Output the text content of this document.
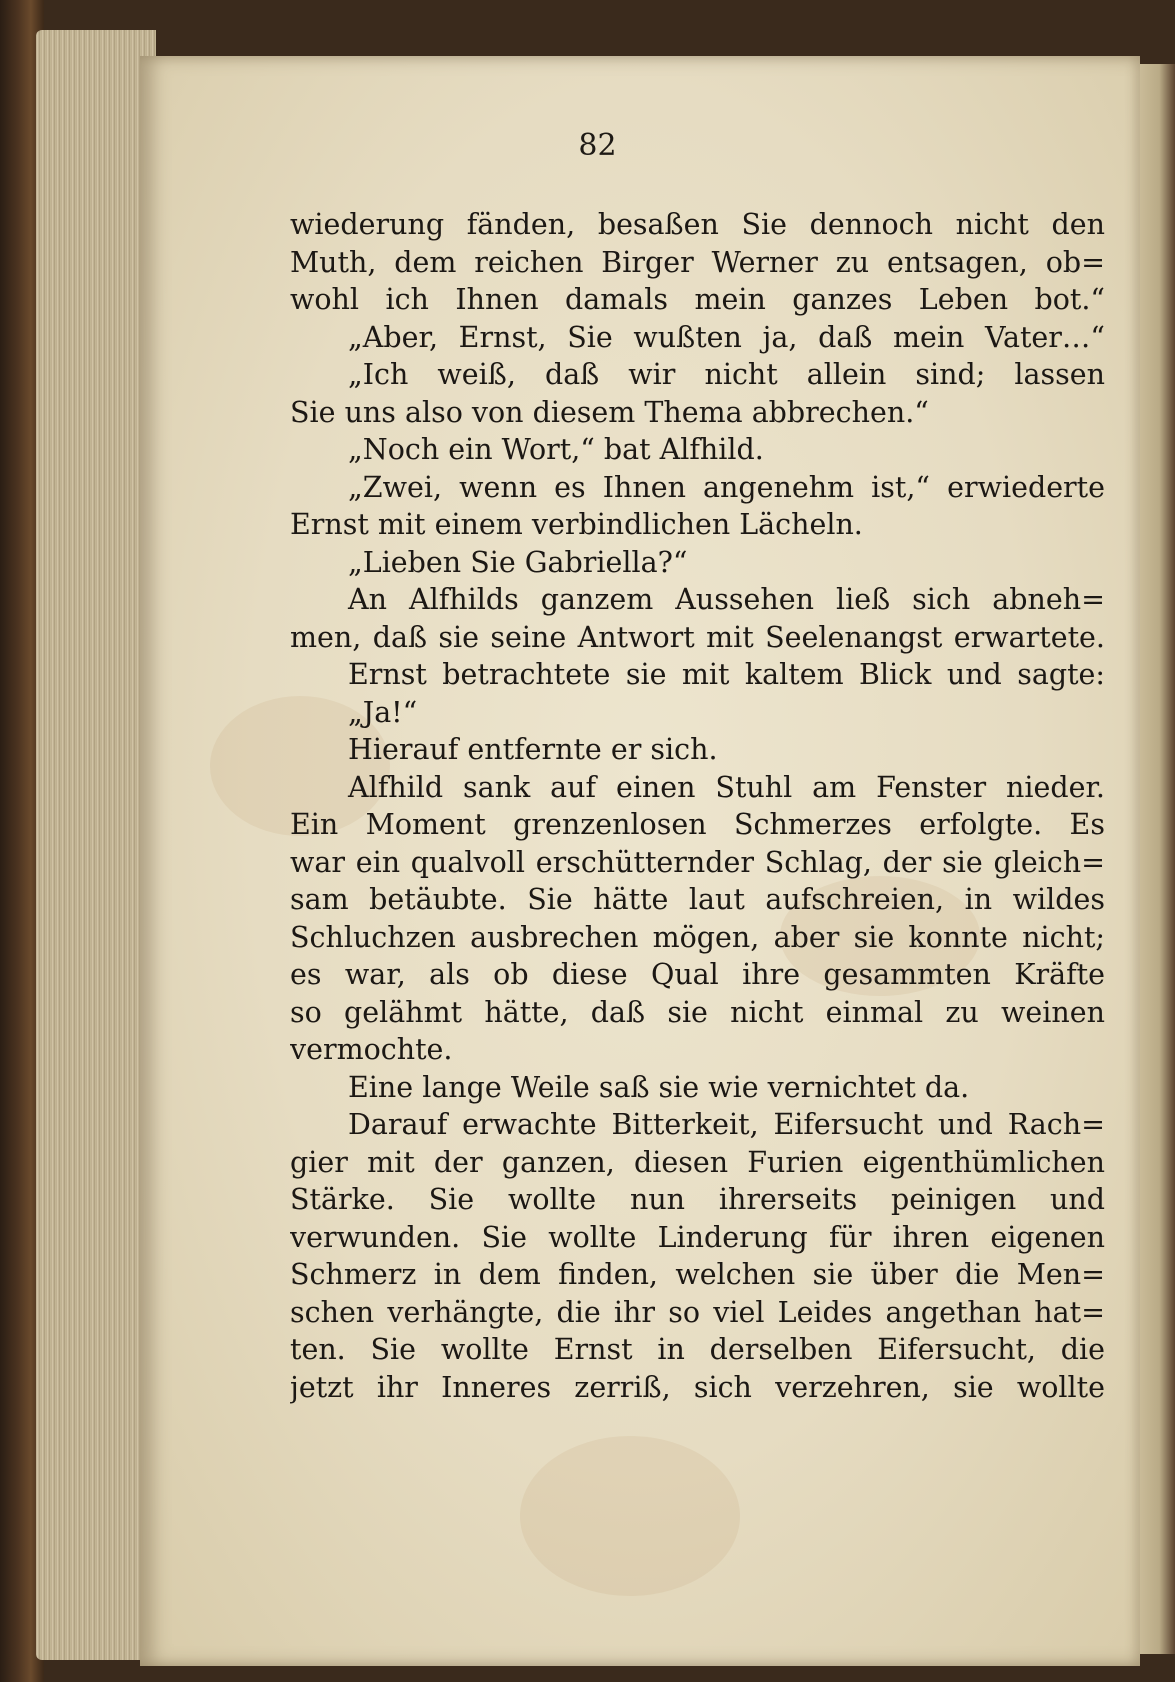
82
wiederung fänden, besaßen Sie dennoch nicht den
Muth, dem reichen Birger Werner zu entsagen, ob=
wohl ich Ihnen damals mein ganzes Leben bot.“
„Aber, Ernst, Sie wußten ja, daß mein Vater…“
„Ich weiß, daß wir nicht allein sind; lassen
Sie uns also von diesem Thema abbrechen.“
„Noch ein Wort,“ bat Alfhild.
„Zwei, wenn es Ihnen angenehm ist,“ erwiederte
Ernst mit einem verbindlichen Lächeln.
„Lieben Sie Gabriella?“
An Alfhilds ganzem Aussehen ließ sich abneh=
men, daß sie seine Antwort mit Seelenangst erwartete.
Ernst betrachtete sie mit kaltem Blick und sagte:
„Ja!“
Hierauf entfernte er sich.
Alfhild sank auf einen Stuhl am Fenster nieder.
Ein Moment grenzenlosen Schmerzes erfolgte. Es
war ein qualvoll erschütternder Schlag, der sie gleich=
sam betäubte. Sie hätte laut aufschreien, in wildes
Schluchzen ausbrechen mögen, aber sie konnte nicht;
es war, als ob diese Qual ihre gesammten Kräfte
so gelähmt hätte, daß sie nicht einmal zu weinen
vermochte.
Eine lange Weile saß sie wie vernichtet da.
Darauf erwachte Bitterkeit, Eifersucht und Rach=
gier mit der ganzen, diesen Furien eigenthümlichen
Stärke. Sie wollte nun ihrerseits peinigen und
verwunden. Sie wollte Linderung für ihren eigenen
Schmerz in dem finden, welchen sie über die Men=
schen verhängte, die ihr so viel Leides angethan hat=
ten. Sie wollte Ernst in derselben Eifersucht, die
jetzt ihr Inneres zerriß, sich verzehren, sie wollte
